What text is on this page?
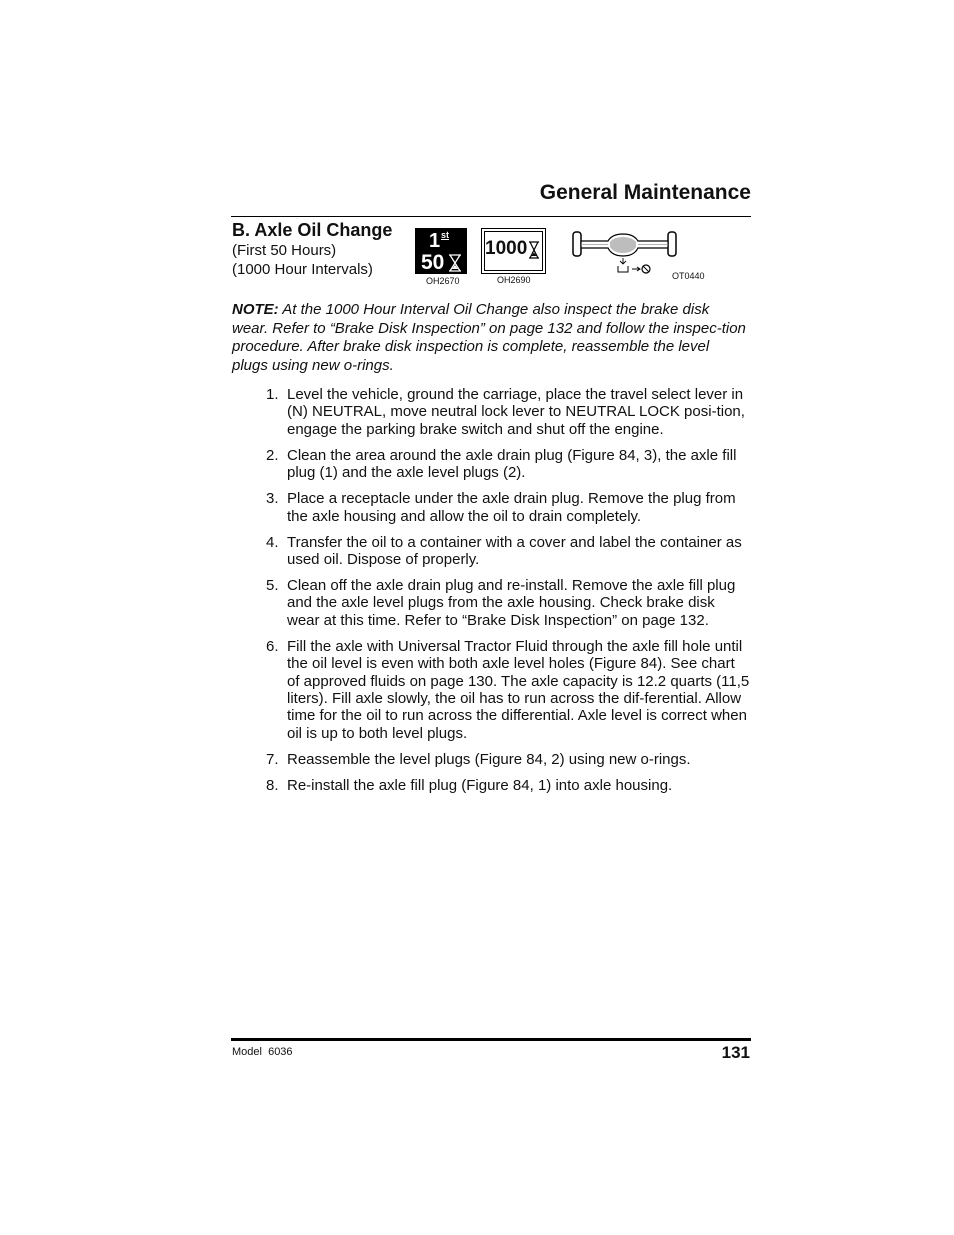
General Maintenance
B. Axle Oil Change
(First 50 Hours)
(1000 Hour Intervals)
1 st
50
OH2670
1000
OH2690	OT0440
NOTE: At the 1000 Hour Interval Oil Change also inspect the brake disk wear. Refer to “Brake Disk Inspection” on page 132 and follow the inspec-tion procedure. After brake disk inspection is complete, reassemble the level plugs using new o-rings.
1. Level the vehicle, ground the carriage, place the travel select lever in (N) NEUTRAL, move neutral lock lever to NEUTRAL LOCK posi-tion, engage the parking brake switch and shut off the engine.
2. Clean the area around the axle drain plug (Figure 84, 3), the axle fill plug (1) and the axle level plugs (2).
3. Place a receptacle under the axle drain plug. Remove the plug from the axle housing and allow the oil to drain completely.
4. Transfer the oil to a container with a cover and label the container as used oil. Dispose of properly.
5. Clean off the axle drain plug and re-install. Remove the axle fill plug and the axle level plugs from the axle housing. Check brake disk wear at this time. Refer to “Brake Disk Inspection” on page 132.
6. Fill the axle with Universal Tractor Fluid through the axle fill hole until the oil level is even with both axle level holes (Figure 84). See chart of approved fluids on page 130. The axle capacity is 12.2 quarts (11,5 liters). Fill axle slowly, the oil has to run across the dif-ferential. Allow time for the oil to run across the differential. Axle level is correct when oil is up to both level plugs.
7. Reassemble the level plugs (Figure 84, 2) using new o-rings.
8. Re-install the axle fill plug (Figure 84, 1) into axle housing.
Model  6036	131
